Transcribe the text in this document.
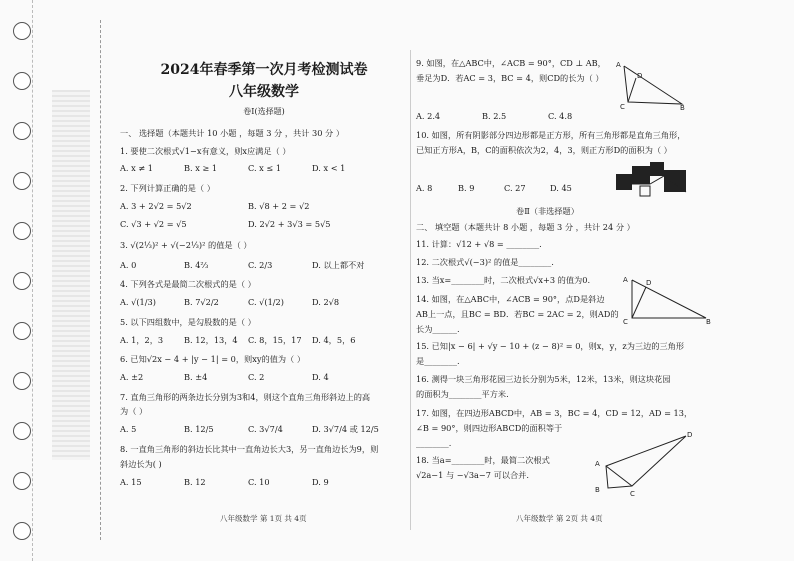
2024年春季第一次月考检测试卷
八年级数学
卷Ⅰ(选择题)
一、 选择题（本题共计 10 小题 ，每题 3 分 ，共计 30 分 ）
1. 要使二次根式√1−x有意义，则x应满足（ ）
A. x ≠ 1	B. x ≥ 1	C. x ≤ 1	D. x < 1
2. 下列计算正确的是（ ）
A. 3 + 2√2 = 5√2	B. √8 + 2 = √2
C. √3 + √2 = √5	D. 2√2 + 3√3 = 5√5
3. √(2⅓)² + √(−2⅓)² 的值是（ ）
A. 0	B. 4⅔	C. 2/3	D. 以上都不对
4. 下列各式是最简二次根式的是（ ）
A. √(1/3)	B. 7√2/2	C. √(1/2)	D. 2√8
5. 以下四组数中，是勾股数的是（ ）
A. 1，2，3	B. 12，13，4 C. 8，15，17 D. 4，5，6
6. 已知√2x − 4 + |y − 1| = 0，则xy的值为（ ）
A. ±2	B. ±4	C. 2	D. 4
7. 直角三角形的两条边长分别为3和4，则这个直角三角形斜边上的高
为（ ）
A. 5	B. 12/5	C. 3√7/4	D. 3√7/4 或 12/5
8. 一直角三角形的斜边长比其中一直角边长大3，另一直角边长为9，则
斜边长为( )
A. 15	B. 12	C. 10	D. 9
八年级数学 第 1页 共 4页
9. 如图，在△ABC中，∠ACB = 90°，CD ⊥ AB，
垂足为D．若AC = 3，BC = 4，则CD的长为（ ）
A. 2.4	B. 2.5	C. 4.8
A
D
C	B
10. 如图，所有阴影部分四边形都是正方形，所有三角形都是直角三角形，
已知正方形A，B，C的面积依次为2，4，3，则正方形D的面积为（ ）
A. 8	B. 9	C. 27	D. 45
卷Ⅱ（非选择题）
二、 填空题（本题共计 8 小题 ，每题 3 分 ，共计 24 分 ）
11. 计算：√12 + √8 = ________.
12. 二次根式√(−3)² 的值是________.
13. 当x=________时，二次根式√x+3 的值为0.
14. 如图，在△ABC中，∠ACB = 90°，点D是斜边
AB上一点，且BC = BD．若BC = 2AC = 2，则AD的
长为______.
A	D
C	B
15. 已知|x − 6| + √y − 10 + (z − 8)² = 0，则x，y，z为三边的三角形
是________.
16. 测得一块三角形花园三边长分别为5米，12米，13米，则这块花园
的面积为________平方米.
17. 如图，在四边形ABCD中，AB = 3，BC = 4，CD = 12，AD = 13，
∠B = 90°，则四边形ABCD的面积等于
________.
18. 当a=________时，最简二次根式
√2a−1 与 −√3a−7 可以合并.
D
A
B	C
八年级数学 第 2页 共 4页
